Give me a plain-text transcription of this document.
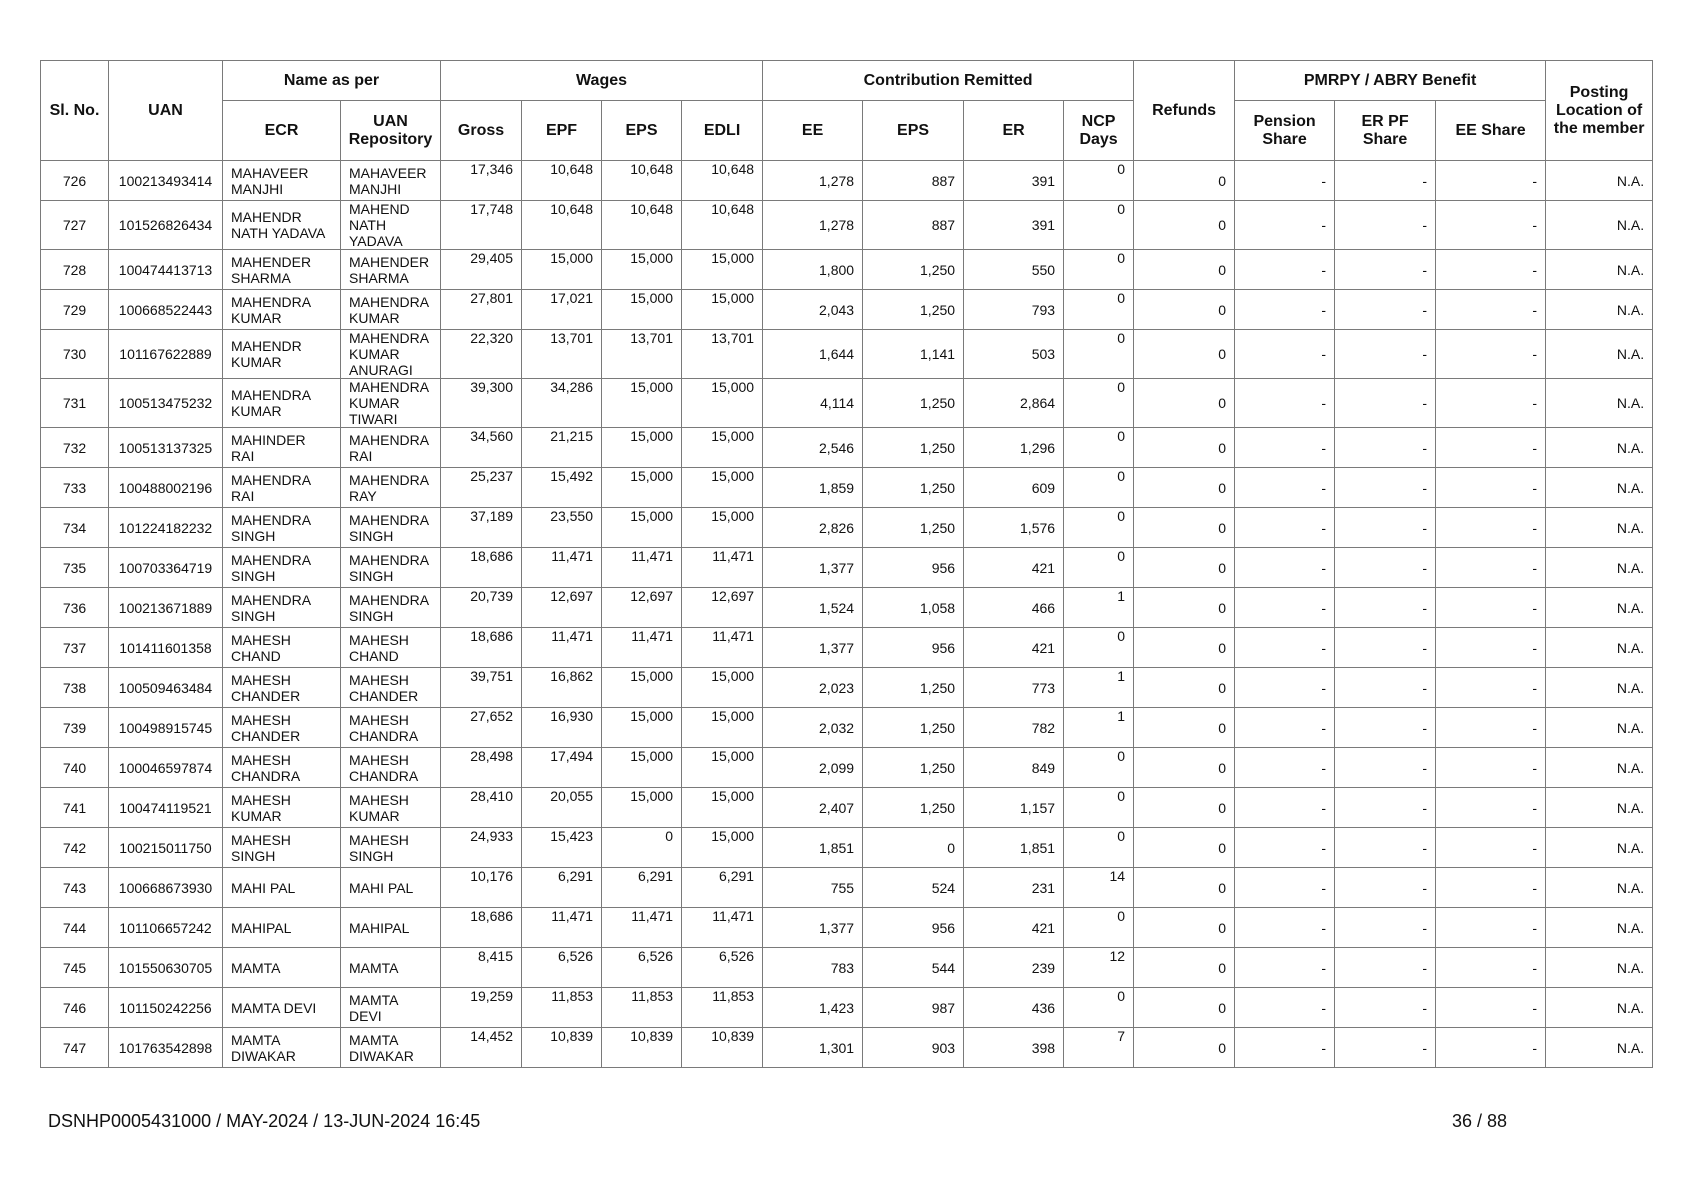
Sl. No.	UAN	Name as per		Wages				Contribution Remitted				Refunds	PMRPY / ABRY Benefit			Posting Location of the member
		ECR	UAN Repository	Gross	EPF	EPS	EDLI	EE	EPS	ER	NCP Days		Pension Share	ER PF Share	EE Share	
726	100213493414	MAHAVEER MANJHI	MAHAVEER MANJHI	17,346	10,648	10,648	10,648	1,278	887	391	0	0	-	-	-	N.A.
727	101526826434	MAHENDR NATH YADAVA	MAHEND NATH YADAVA	17,748	10,648	10,648	10,648	1,278	887	391	0	0	-	-	-	N.A.
728	100474413713	MAHENDER SHARMA	MAHENDER SHARMA	29,405	15,000	15,000	15,000	1,800	1,250	550	0	0	-	-	-	N.A.
729	100668522443	MAHENDRA KUMAR	MAHENDRA KUMAR	27,801	17,021	15,000	15,000	2,043	1,250	793	0	0	-	-	-	N.A.
730	101167622889	MAHENDR KUMAR	MAHENDRA KUMAR ANURAGI	22,320	13,701	13,701	13,701	1,644	1,141	503	0	0	-	-	-	N.A.
731	100513475232	MAHENDRA KUMAR	MAHENDRA KUMAR TIWARI	39,300	34,286	15,000	15,000	4,114	1,250	2,864	0	0	-	-	-	N.A.
732	100513137325	MAHINDER RAI	MAHENDRA RAI	34,560	21,215	15,000	15,000	2,546	1,250	1,296	0	0	-	-	-	N.A.
733	100488002196	MAHENDRA RAI	MAHENDRA RAY	25,237	15,492	15,000	15,000	1,859	1,250	609	0	0	-	-	-	N.A.
734	101224182232	MAHENDRA SINGH	MAHENDRA SINGH	37,189	23,550	15,000	15,000	2,826	1,250	1,576	0	0	-	-	-	N.A.
735	100703364719	MAHENDRA SINGH	MAHENDRA SINGH	18,686	11,471	11,471	11,471	1,377	956	421	0	0	-	-	-	N.A.
736	100213671889	MAHENDRA SINGH	MAHENDRA SINGH	20,739	12,697	12,697	12,697	1,524	1,058	466	1	0	-	-	-	N.A.
737	101411601358	MAHESH CHAND	MAHESH CHAND	18,686	11,471	11,471	11,471	1,377	956	421	0	0	-	-	-	N.A.
738	100509463484	MAHESH CHANDER	MAHESH CHANDER	39,751	16,862	15,000	15,000	2,023	1,250	773	1	0	-	-	-	N.A.
739	100498915745	MAHESH CHANDER	MAHESH CHANDRA	27,652	16,930	15,000	15,000	2,032	1,250	782	1	0	-	-	-	N.A.
740	100046597874	MAHESH CHANDRA	MAHESH CHANDRA	28,498	17,494	15,000	15,000	2,099	1,250	849	0	0	-	-	-	N.A.
741	100474119521	MAHESH KUMAR	MAHESH KUMAR	28,410	20,055	15,000	15,000	2,407	1,250	1,157	0	0	-	-	-	N.A.
742	100215011750	MAHESH SINGH	MAHESH SINGH	24,933	15,423	0	15,000	1,851	0	1,851	0	0	-	-	-	N.A.
743	100668673930	MAHI PAL	MAHI PAL	10,176	6,291	6,291	6,291	755	524	231	14	0	-	-	-	N.A.
744	101106657242	MAHIPAL	MAHIPAL	18,686	11,471	11,471	11,471	1,377	956	421	0	0	-	-	-	N.A.
745	101550630705	MAMTA	MAMTA	8,415	6,526	6,526	6,526	783	544	239	12	0	-	-	-	N.A.
746	101150242256	MAMTA DEVI	MAMTA DEVI	19,259	11,853	11,853	11,853	1,423	987	436	0	0	-	-	-	N.A.
747	101763542898	MAMTA DIWAKAR	MAMTA DIWAKAR	14,452	10,839	10,839	10,839	1,301	903	398	7	0	-	-	-	N.A.
DSNHP0005431000 / MAY-2024 / 13-JUN-2024 16:45	36 / 88
